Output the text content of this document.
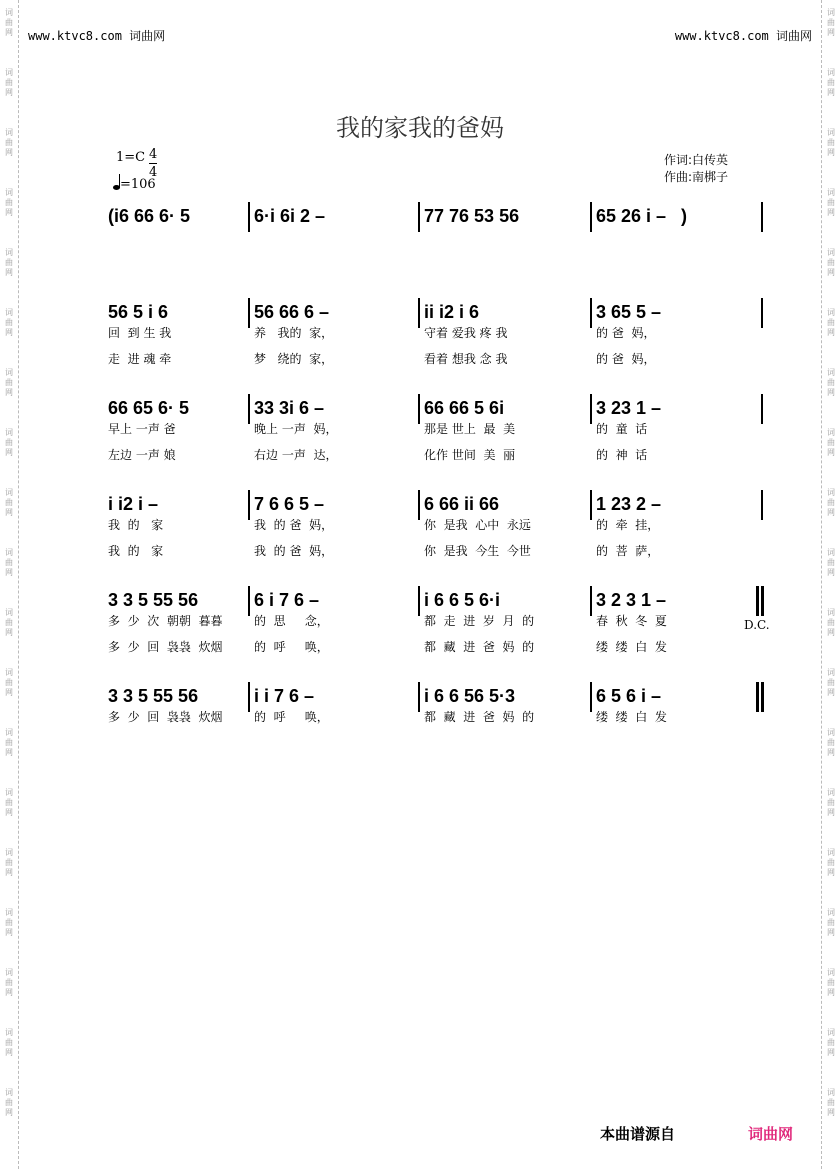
词
曲
网
词
曲
网
词
曲
网
词
曲
网
词
曲
网
词
曲
网
词
曲
网
词
曲
网
词
曲
网
词
曲
网
词
曲
网
词
曲
网
词
曲
网
词
曲
网
词
曲
网
词
曲
网
词
曲
网
词
曲
网
词
曲
网
词
曲
网
词
曲
网
词
曲
网
词
曲
网
词
曲
网
词
曲
网
词
曲
网
词
曲
网
词
曲
网
词
曲
网
词
曲
网
词
曲
网
词
曲
网
词
曲
网
词
曲
网
词
曲
网
词
曲
网
词
曲
网
词
曲
网
www.ktvc8.com 词曲网	www.ktvc8.com 词曲网
我的家我的爸妈
$1=C \frac{4}{4}$
=106
作词:白传英
作曲:南梆子
(i6 66 6· 5	6·i 6i 2 –	77 76 53 56	65 26 i –   )
56 5 i 6	56 66 6 –	ii i2 i 6	3 65 5 –
回  到 生 我	养   我的  家，	守着 爱我 疼 我	的 爸  妈，
走  进 魂 牵	梦   绕的  家，	看着 想我 念 我	的 爸  妈，
66 65 6· 5	33 3i 6 –	66 66 5 6i	3 23 1 –
早上 一声 爸	晚上 一声  妈，	那是 世上  最  美	的  童  话
左边 一声 娘	右边 一声  达，	化作 世间  美  丽	的  神  话
i i2 i –	7 6 6 5 –	6 66 ii 66	1 23 2 –
我  的   家	我  的 爸  妈，	你  是我  心中  永远	的  牵  挂，
我  的   家	我  的 爸  妈，	你  是我  今生  今世	的  菩  萨，
3 3 5 55 56	6 i 7 6 –	i 6 6 5 6·i	3 2 3 1 –
多  少  次  朝朝  暮暮	的  思     念，	都  走  进  岁  月  的	春  秋  冬  夏
多  少  回  袅袅  炊烟	的  呼     唤，	都  藏  进  爸  妈  的	缕  缕  白  发
3 3 5 55 56	i i 7 6 –	i 6 6 56 5·3	6 5 6 i –
多  少  回  袅袅  炊烟	的  呼     唤，	都  藏  进  爸  妈  的	缕  缕  白  发
D.C.
本曲谱源自	词曲网
